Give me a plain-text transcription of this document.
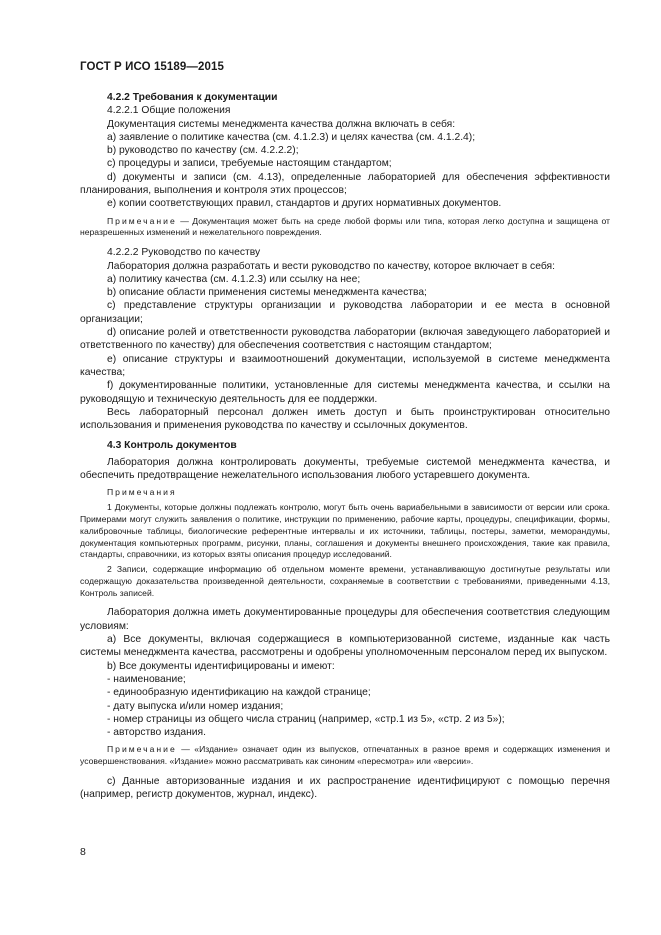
ГОСТ Р ИСО 15189—2015

4.2.2 Требования к документации

4.2.2.1 Общие положения

Документация системы менеджмента качества должна включать в себя:

а) заявление о политике качества (см. 4.1.2.3) и целях качества (см. 4.1.2.4);

b) руководство по качеству (см. 4.2.2.2);

c) процедуры и записи, требуемые настоящим стандартом;

d) документы и записи (см. 4.13), определенные лабораторией для обеспечения эффективности планирования, выполнения и контроля этих процессов;

e) копии соответствующих правил, стандартов и других нормативных документов.

Примечание — Документация может быть на среде любой формы или типа, которая легко доступна и защищена от неразрешенных изменений и нежелательного повреждения.

4.2.2.2 Руководство по качеству

Лаборатория должна разработать и вести руководство по качеству, которое включает в себя:

а) политику качества (см. 4.1.2.3) или ссылку на нее;

b) описание области применения системы менеджмента качества;

c) представление структуры организации и руководства лаборатории и ее места в основной организации;

d) описание ролей и ответственности руководства лаборатории (включая заведующего лабораторией и ответственного по качеству) для обеспечения соответствия с настоящим стандартом;

e) описание структуры и взаимоотношений документации, используемой в системе менеджмента качества;

f) документированные политики, установленные для системы менеджмента качества, и ссылки на руководящую и техническую деятельность для ее поддержки.

Весь лабораторный персонал должен иметь доступ и быть проинструктирован относительно использования и применения руководства по качеству и ссылочных документов.

4.3 Контроль документов

Лаборатория должна контролировать документы, требуемые системой менеджмента качества, и обеспечить предотвращение нежелательного использования любого устаревшего документа.

Примечания

1 Документы, которые должны подлежать контролю, могут быть очень вариабельными в зависимости от версии или срока. Примерами могут служить заявления о политике, инструкции по применению, рабочие карты, процедуры, спецификации, формы, калибровочные таблицы, биологические референтные интервалы и их источники, таблицы, постеры, заметки, меморандумы, документация компьютерных программ, рисунки, планы, соглашения и документы внешнего происхождения, такие как правила, стандарты, справочники, из которых взяты описания процедур исследований.

2 Записи, содержащие информацию об отдельном моменте времени, устанавливающую достигнутые результаты или содержащую доказательства произведенной деятельности, сохраняемые в соответствии с требованиями, приведенными 4.13, Контроль записей.

Лаборатория должна иметь документированные процедуры для обеспечения соответствия следующим условиям:

а) Все документы, включая содержащиеся в компьютеризованной системе, изданные как часть системы менеджмента качества, рассмотрены и одобрены уполномоченным персоналом перед их выпуском.

b) Все документы идентифицированы и имеют:

- наименование;

- единообразную идентификацию на каждой странице;

- дату выпуска и/или номер издания;

- номер страницы из общего числа страниц (например, «стр.1 из 5», «стр. 2 из 5»);

- авторство издания.

Примечание — «Издание» означает один из выпусков, отпечатанных в разное время и содержащих изменения и усовершенствования. «Издание» можно рассматривать как синоним «пересмотра» или «версии».

c) Данные авторизованные издания и их распространение идентифицируют с помощью перечня (например, регистр документов, журнал, индекс).

8
